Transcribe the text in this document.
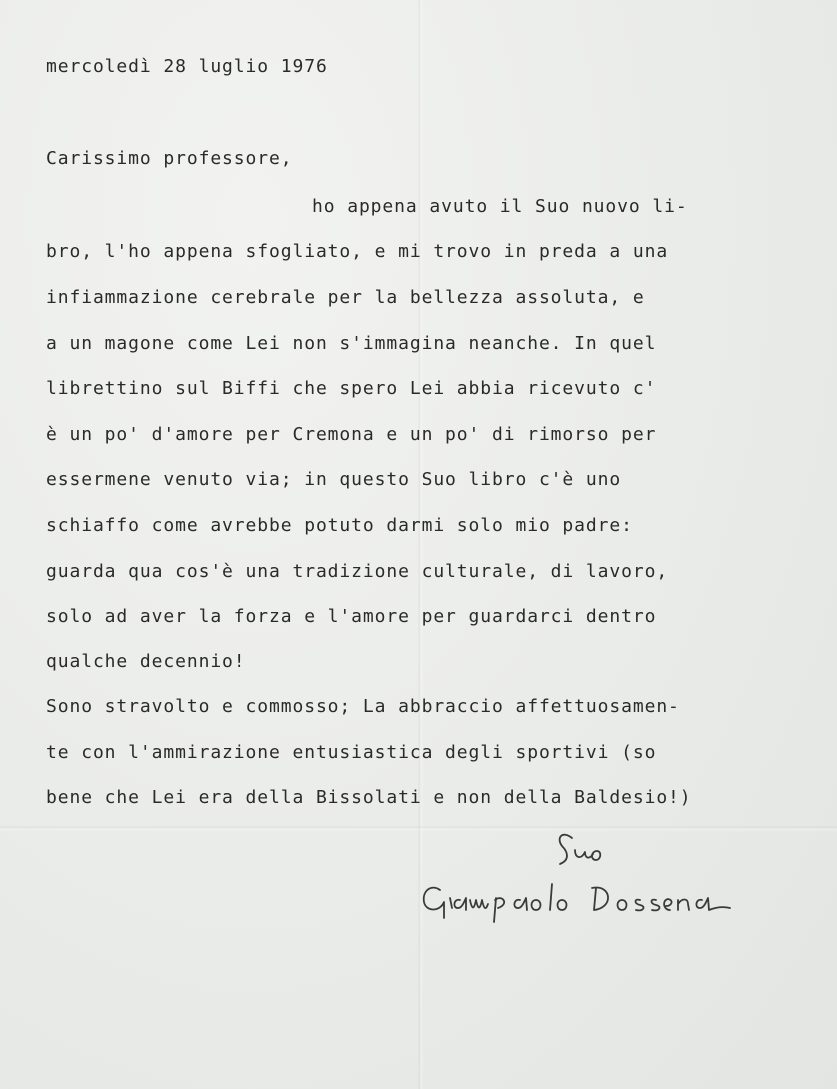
mercoledì 28 luglio 1976
Carissimo professore,
ho appena avuto il Suo nuovo li-
bro, l'ho appena sfogliato, e mi trovo in preda a una
infiammazione cerebrale per la bellezza assoluta, e
a un magone come Lei non s'immagina neanche. In quel
librettino sul Biffi che spero Lei abbia ricevuto c'
è un po' d'amore per Cremona e un po' di rimorso per
essermene venuto via; in questo Suo libro c'è uno
schiaffo come avrebbe potuto darmi solo mio padre:
guarda qua cos'è una tradizione culturale, di lavoro,
solo ad aver la forza e l'amore per guardarci dentro
qualche decennio!
Sono stravolto e commosso; La abbraccio affettuosamen-
te con l'ammirazione entusiastica degli sportivi (so
bene che Lei era della Bissolati e non della Baldesio!)
